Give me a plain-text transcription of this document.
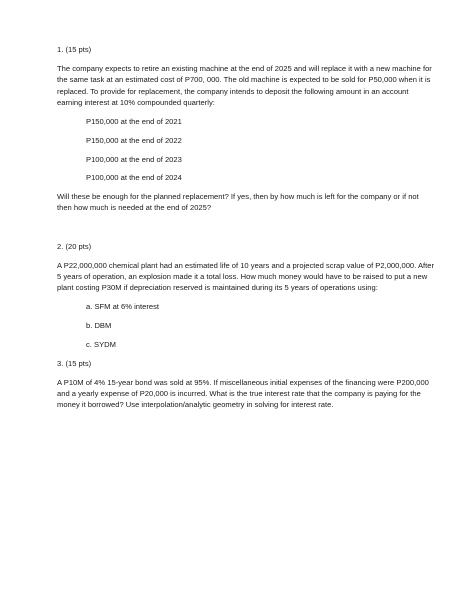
1. (15 pts)

The company expects to retire an existing machine at the end of 2025 and will replace it with a new machine for the same task at an estimated cost of P700, 000. The old machine is expected to be sold for P50,000 when it is replaced. To provide for replacement, the company intends to deposit the following amount in an account earning interest at 10% compounded quarterly:

P150,000 at the end of 2021

P150,000 at the end of 2022

P100,000 at the end of 2023

P100,000 at the end of 2024

Will these be enough for the planned replacement? If yes, then by how much is left for the company or if not then how much is needed at the end of 2025?

2. (20 pts)

A P22,000,000 chemical plant had an estimated life of 10 years and a projected scrap value of P2,000,000. After 5 years of operation, an explosion made it a total loss. How much money would have to be raised to put a new plant costing P30M if depreciation reserved is maintained during its 5 years of operations using:

a. SFM at 6% interest

b. DBM

c. SYDM

3. (15 pts)

A P10M of 4% 15-year bond was sold at 95%. If miscellaneous initial expenses of the financing were P200,000 and a yearly expense of P20,000 is incurred. What is the true interest rate that the company is paying for the money it borrowed? Use interpolation/analytic geometry in solving for interest rate.
